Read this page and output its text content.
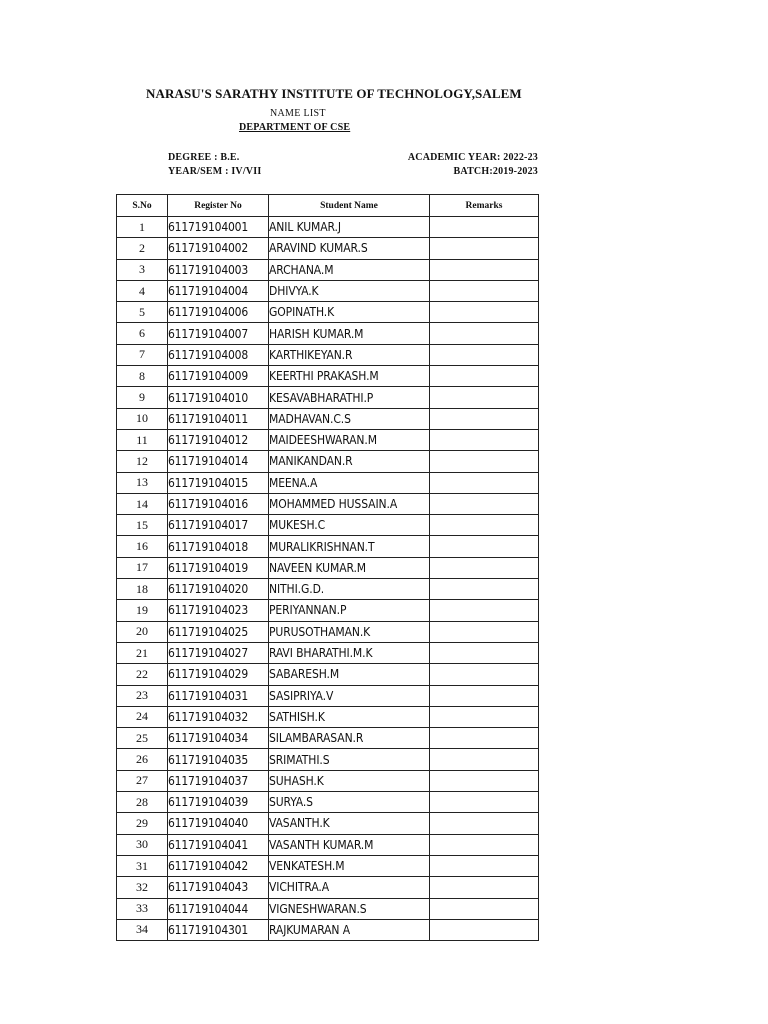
NARASU'S SARATHY INSTITUTE OF TECHNOLOGY,SALEM
NAME LIST
DEPARTMENT OF CSE
DEGREE : B.E.
YEAR/SEM : IV/VII
ACADEMIC YEAR: 2022-23
BATCH:2019-2023
S.No	Register No	Student Name	Remarks
1	611719104001	ANIL KUMAR.J	
2	611719104002	ARAVIND KUMAR.S	
3	611719104003	ARCHANA.M	
4	611719104004	DHIVYA.K	
5	611719104006	GOPINATH.K	
6	611719104007	HARISH KUMAR.M	
7	611719104008	KARTHIKEYAN.R	
8	611719104009	KEERTHI PRAKASH.M	
9	611719104010	KESAVABHARATHI.P	
10	611719104011	MADHAVAN.C.S	
11	611719104012	MAIDEESHWARAN.M	
12	611719104014	MANIKANDAN.R	
13	611719104015	MEENA.A	
14	611719104016	MOHAMMED HUSSAIN.A	
15	611719104017	MUKESH.C	
16	611719104018	MURALIKRISHNAN.T	
17	611719104019	NAVEEN KUMAR.M	
18	611719104020	NITHI.G.D.	
19	611719104023	PERIYANNAN.P	
20	611719104025	PURUSOTHAMAN.K	
21	611719104027	RAVI BHARATHI.M.K	
22	611719104029	SABARESH.M	
23	611719104031	SASIPRIYA.V	
24	611719104032	SATHISH.K	
25	611719104034	SILAMBARASAN.R	
26	611719104035	SRIMATHI.S	
27	611719104037	SUHASH.K	
28	611719104039	SURYA.S	
29	611719104040	VASANTH.K	
30	611719104041	VASANTH KUMAR.M	
31	611719104042	VENKATESH.M	
32	611719104043	VICHITRA.A	
33	611719104044	VIGNESHWARAN.S	
34	611719104301	RAJKUMARAN A	
